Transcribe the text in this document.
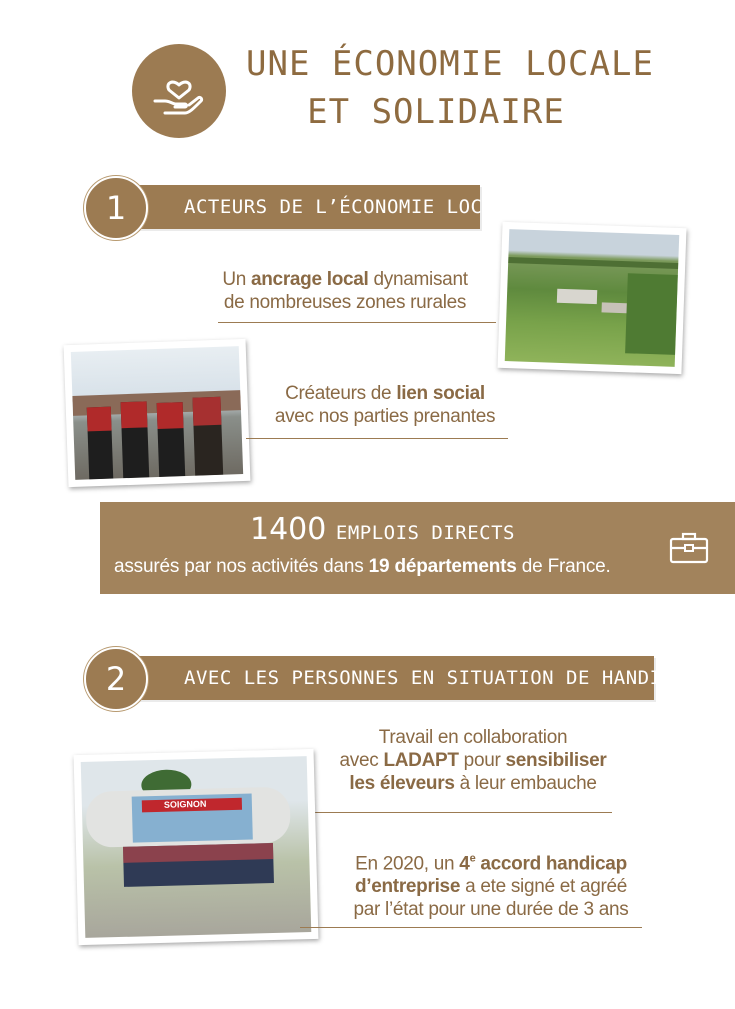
UNE ÉCONOMIE LOCALE
ET SOLIDAIRE
ACTEURS DE L’ÉCONOMIE LOCALE
1
Un ancrage local dynamisant
de nombreuses zones rurales
Créateurs de lien social
avec nos parties prenantes
1400 EMPLOIS DIRECTS
assurés par nos activités dans 19 départements de France.
AVEC LES PERSONNES EN SITUATION DE HANDICAP
2
Travail en collaboration
avec LADAPT pour sensibiliser
les éleveurs à leur embauche
SOIGNON
En 2020, un 4e accord handicap
d’entreprise a ete signé et agréé
par l’état pour une durée de 3 ans
